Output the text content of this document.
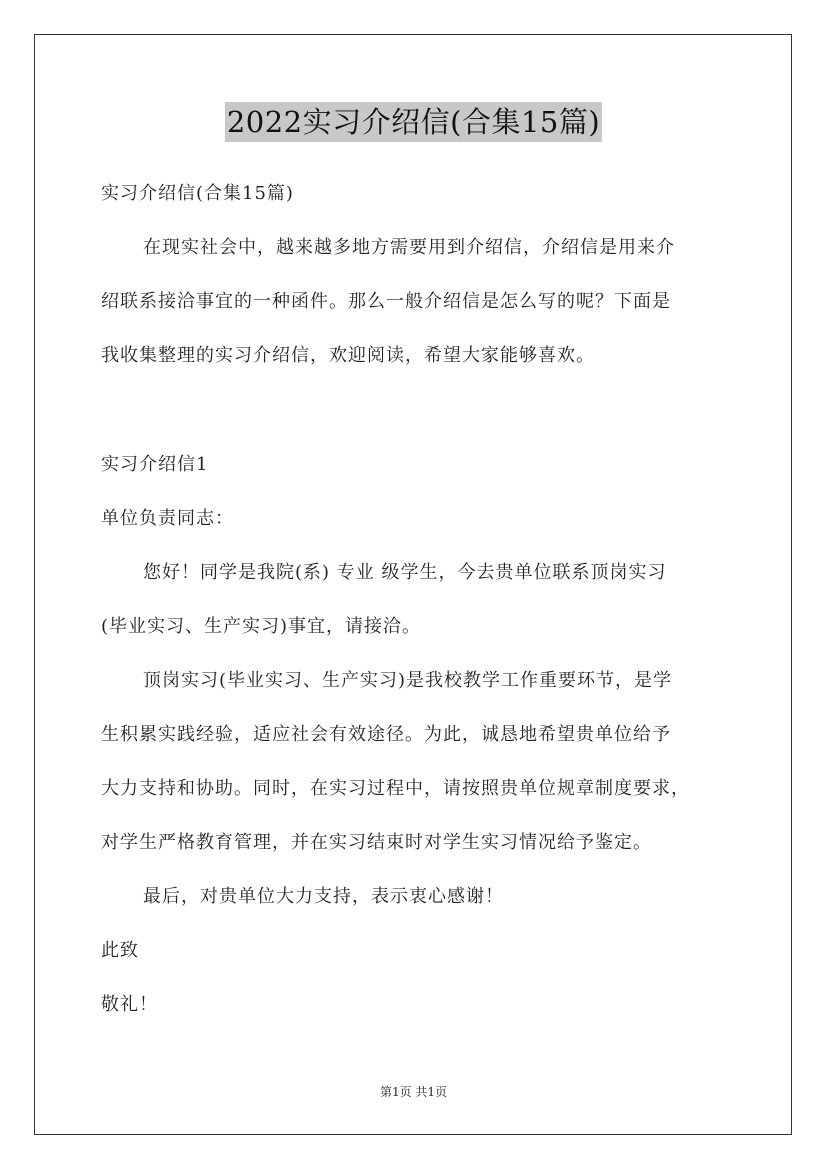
2022实习介绍信(合集15篇)
实习介绍信(合集15篇)
在现实社会中，越来越多地方需要用到介绍信，介绍信是用来介
绍联系接洽事宜的一种函件。那么一般介绍信是怎么写的呢？下面是
我收集整理的实习介绍信，欢迎阅读，希望大家能够喜欢。
实习介绍信1
单位负责同志：
您好！同学是我院(系) 专业 级学生，今去贵单位联系顶岗实习
(毕业实习、生产实习)事宜，请接洽。
顶岗实习(毕业实习、生产实习)是我校教学工作重要环节，是学
生积累实践经验，适应社会有效途径。为此，诚恳地希望贵单位给予
大力支持和协助。同时，在实习过程中，请按照贵单位规章制度要求，
对学生严格教育管理，并在实习结束时对学生实习情况给予鉴定。
最后，对贵单位大力支持，表示衷心感谢！
此致
敬礼！
第1页 共1页
